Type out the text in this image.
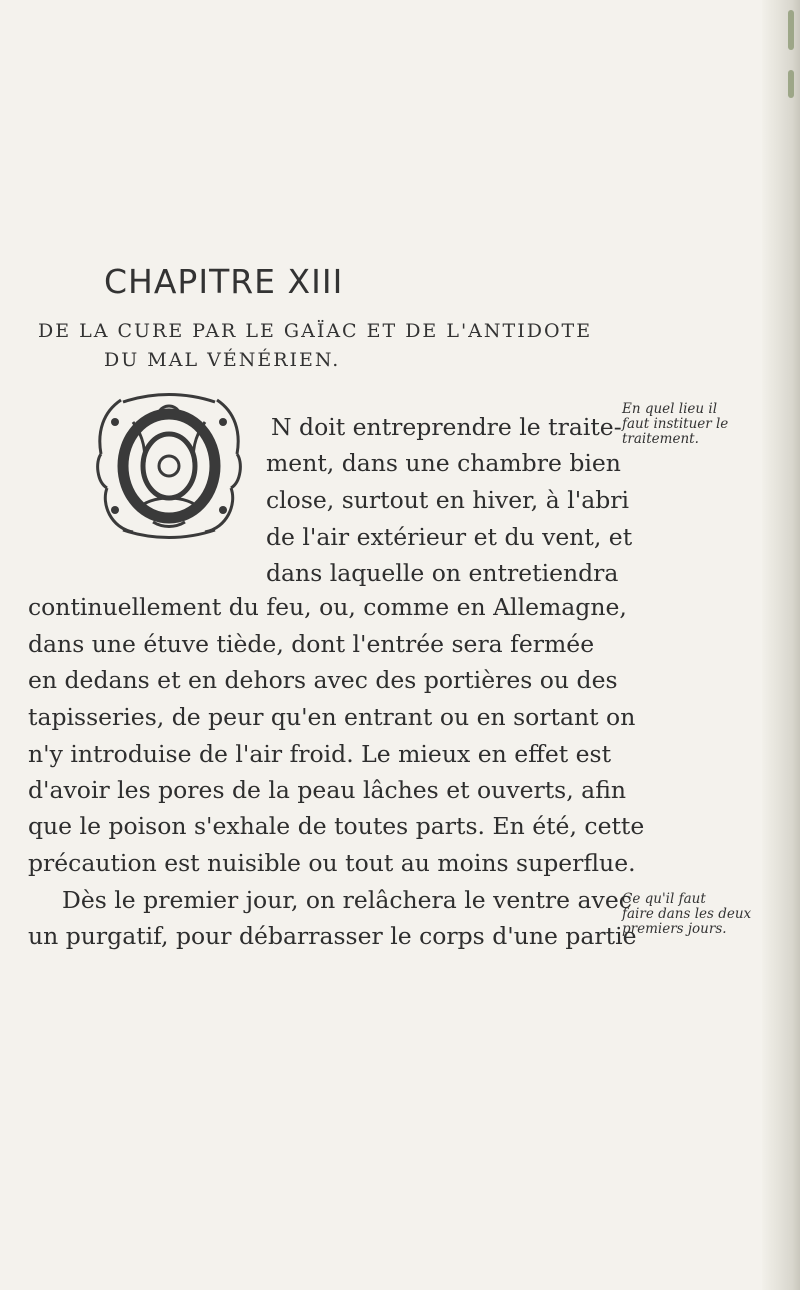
CHAPITRE XIII
DE LA CURE PAR LE GAÏAC ET DE L'ANTIDOTE
DU MAL VÉNÉRIEN.
N doit entreprendre le traite-
ment, dans une chambre bien
close, surtout en hiver, à l'abri
de l'air extérieur et du vent, et
dans laquelle on entretiendra
continuellement du feu, ou, comme en Allemagne,
dans une étuve tiède, dont l'entrée sera fermée
en dedans et en dehors avec des portières ou des
tapisseries, de peur qu'en entrant ou en sortant on
n'y introduise de l'air froid. Le mieux en effet est
d'avoir les pores de la peau lâches et ouverts, afin
que le poison s'exhale de toutes parts. En été, cette
précaution est nuisible ou tout au moins superflue.
Dès le premier jour, on relâchera le ventre avec
un purgatif, pour débarrasser le corps d'une partie
En quel lieu il
faut instituer le
traitement.
Ce qu'il faut
faire dans les deux
premiers jours.
